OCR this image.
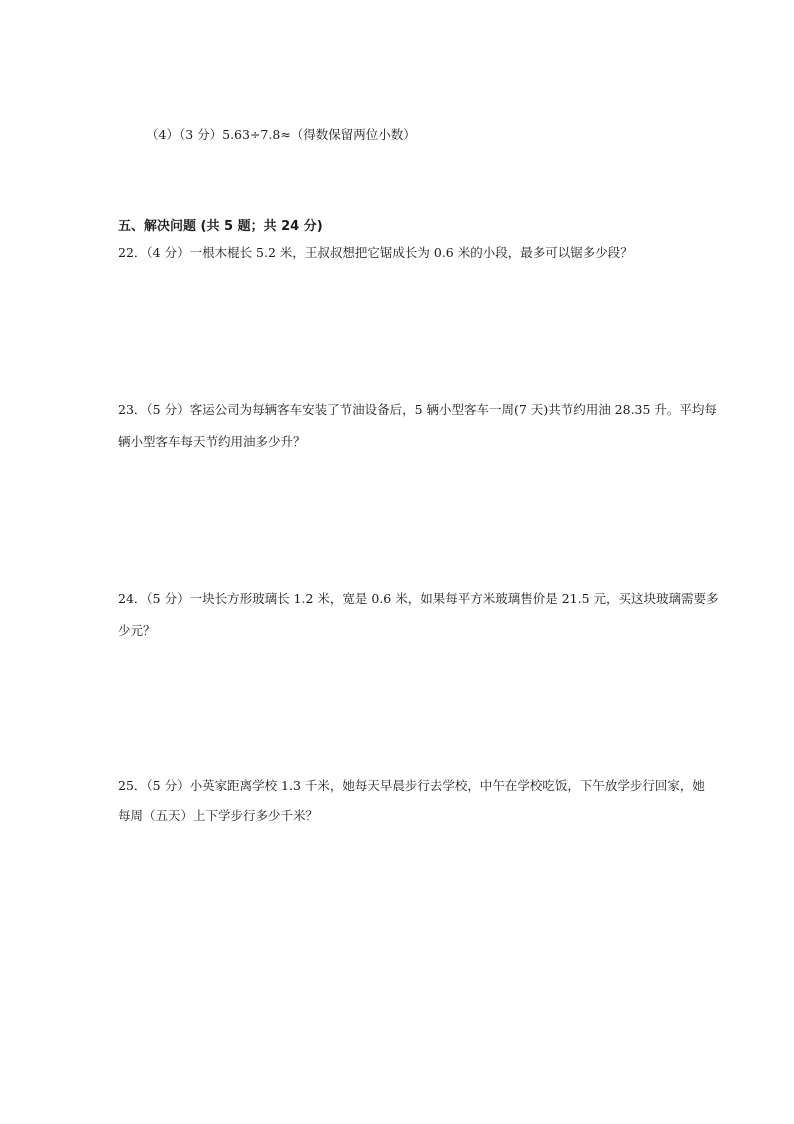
（4）（3 分）5.63÷7.8≈（得数保留两位小数）
五、解决问题 (共 5 题；共 24 分)
22．（4 分）一根木棍长 5.2 米，王叔叔想把它锯成长为 0.6 米的小段，最多可以锯多少段？
23．（5 分）客运公司为每辆客车安装了节油设备后，5 辆小型客车一周(7 天)共节约用油 28.35 升。平均每
辆小型客车每天节约用油多少升？
24．（5 分）一块长方形玻璃长 1.2 米，宽是 0.6 米，如果每平方米玻璃售价是 21.5 元，买这块玻璃需要多
少元？
25．（5 分）小英家距离学校 1.3 千米，她每天早晨步行去学校，中午在学校吃饭，下午放学步行回家，她
每周（五天）上下学步行多少千米？
